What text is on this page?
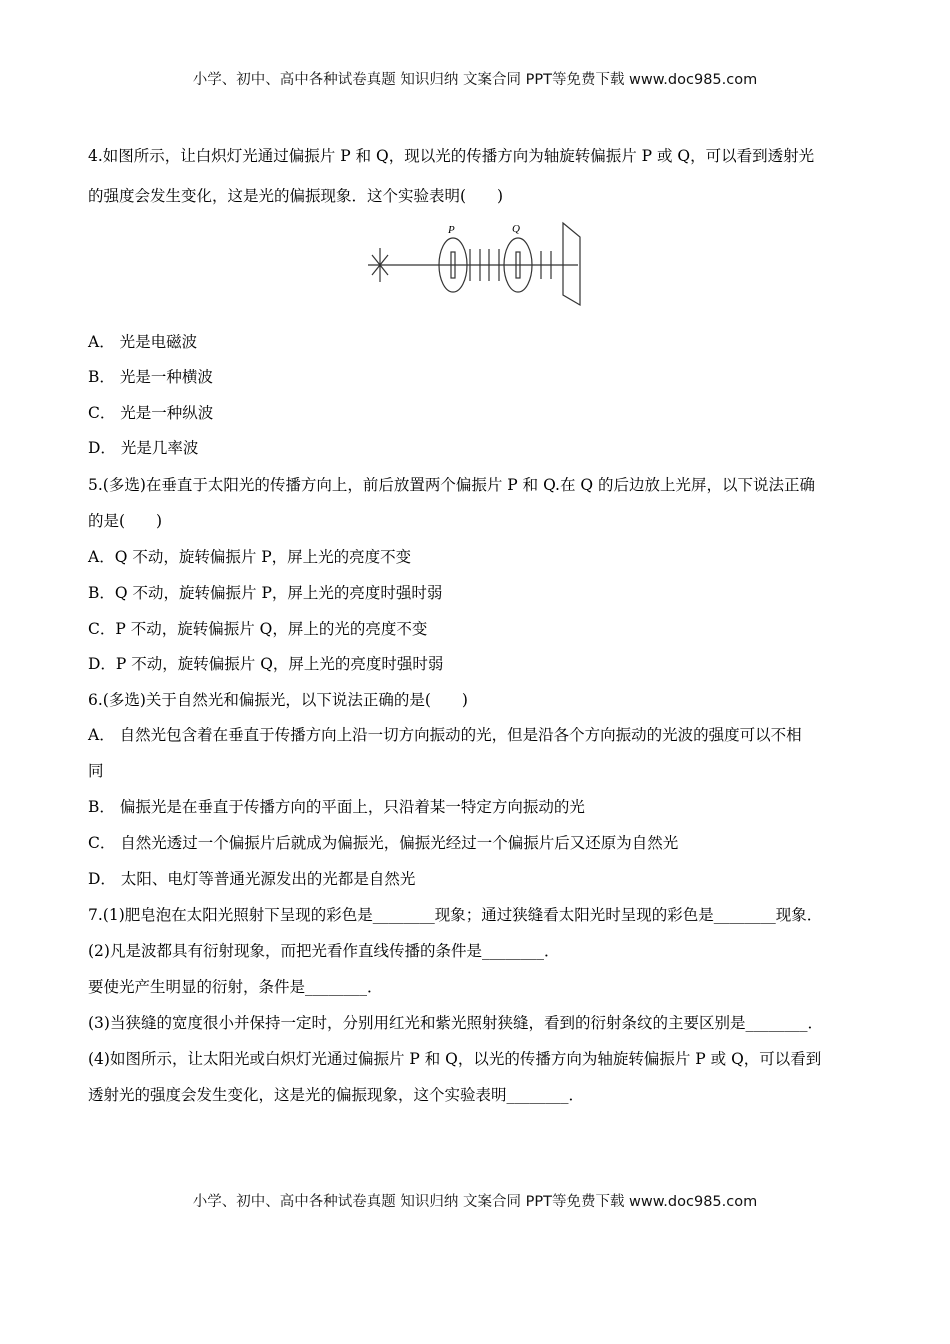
小学、初中、高中各种试卷真题 知识归纳 文案合同 PPT等免费下载 www.doc985.com
P	Q
4.如图所示，让白炽灯光通过偏振片 P 和 Q，现以光的传播方向为轴旋转偏振片 P 或 Q，可以看到透射光
的强度会发生变化，这是光的偏振现象．这个实验表明(　　)
A． 光是电磁波
B． 光是一种横波
C． 光是一种纵波
D． 光是几率波
5.(多选)在垂直于太阳光的传播方向上，前后放置两个偏振片 P 和 Q.在 Q 的后边放上光屏，以下说法正确
的是(　　)
A．Q 不动，旋转偏振片 P，屏上光的亮度不变
B．Q 不动，旋转偏振片 P，屏上光的亮度时强时弱
C．P 不动，旋转偏振片 Q，屏上的光的亮度不变
D．P 不动，旋转偏振片 Q，屏上光的亮度时强时弱
6.(多选)关于自然光和偏振光，以下说法正确的是(　　)
A． 自然光包含着在垂直于传播方向上沿一切方向振动的光，但是沿各个方向振动的光波的强度可以不相
同
B． 偏振光是在垂直于传播方向的平面上，只沿着某一特定方向振动的光
C． 自然光透过一个偏振片后就成为偏振光，偏振光经过一个偏振片后又还原为自然光
D． 太阳、电灯等普通光源发出的光都是自然光
7.(1)肥皂泡在太阳光照射下呈现的彩色是________现象；通过狭缝看太阳光时呈现的彩色是________现象．
(2)凡是波都具有衍射现象，而把光看作直线传播的条件是________．
要使光产生明显的衍射，条件是________．
(3)当狭缝的宽度很小并保持一定时，分别用红光和紫光照射狭缝，看到的衍射条纹的主要区别是________．
(4)如图所示，让太阳光或白炽灯光通过偏振片 P 和 Q，以光的传播方向为轴旋转偏振片 P 或 Q，可以看到
透射光的强度会发生变化，这是光的偏振现象，这个实验表明________．
小学、初中、高中各种试卷真题 知识归纳 文案合同 PPT等免费下载 www.doc985.com
